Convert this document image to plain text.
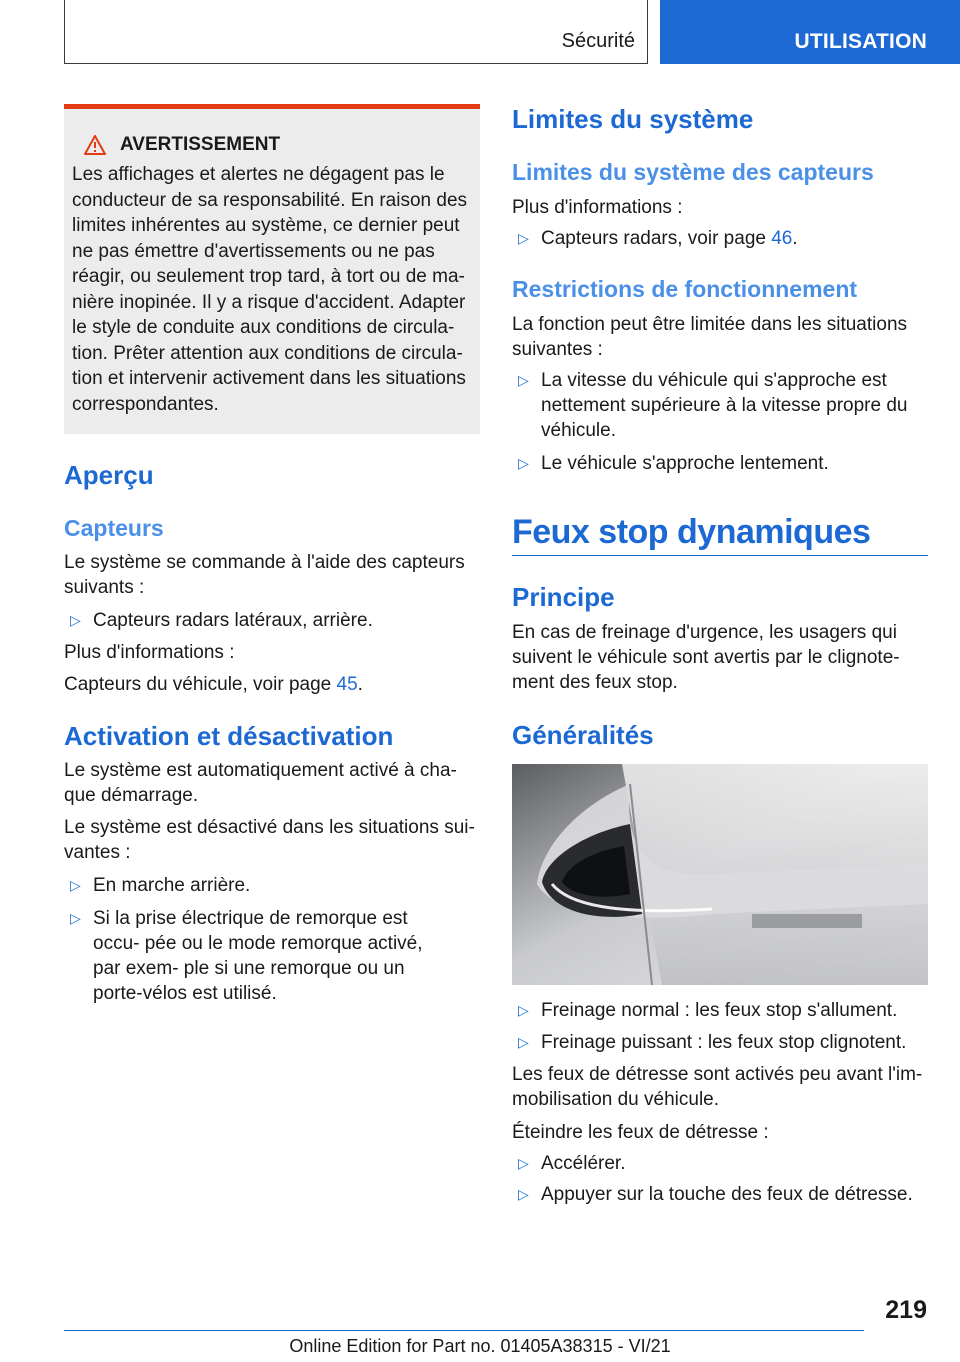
Sécurité	UTILISATION
AVERTISSEMENT

Les affichages et alertes ne dégagent pas le

conducteur de sa responsabilité. En raison des

limites inhérentes au système, ce dernier peut

ne pas émettre d'avertissements ou ne pas

réagir, ou seulement trop tard, à tort ou de ma‐

nière inopinée. Il y a risque d'accident. Adapter

le style de conduite aux conditions de circula‐

tion. Prêter attention aux conditions de circula‐

tion et intervenir activement dans les situations

correspondantes.

Aperçu
Capteurs

Le système se commande à l'aide des capteurs suivants :

▷ Capteurs radars latéraux, arrière.

Plus d'informations :

Capteurs du véhicule, voir page 45.

Activation et désactivation

Le système est automatiquement activé à cha‐ que démarrage.

Le système est désactivé dans les situations sui‐ vantes :

▷ En marche arrière.
▷ Si la prise électrique de remorque est occu‐ pée ou le mode remorque activé, par exem‐ ple si une remorque ou un porte-vélos est utilisé.
Limites du système
Limites du système des capteurs

Plus d'informations :

▷ Capteurs radars, voir page 46.
Restrictions de fonctionnement

La fonction peut être limitée dans les situations suivantes :

▷ La vitesse du véhicule qui s'approche est nettement supérieure à la vitesse propre du véhicule.
▷ Le véhicule s'approche lentement.
Feux stop dynamiques
Principe

En cas de freinage d'urgence, les usagers qui suivent le véhicule sont avertis par le clignote‐ ment des feux stop.

Généralités
▷ Freinage normal : les feux stop s'allument.
▷ Freinage puissant : les feux stop clignotent.

Les feux de détresse sont activés peu avant l'im‐ mobilisation du véhicule.

Éteindre les feux de détresse :

▷ Accélérer.
▷ Appuyer sur la touche des feux de détresse.
219
Online Edition for Part no. 01405A38315 - VI/21
